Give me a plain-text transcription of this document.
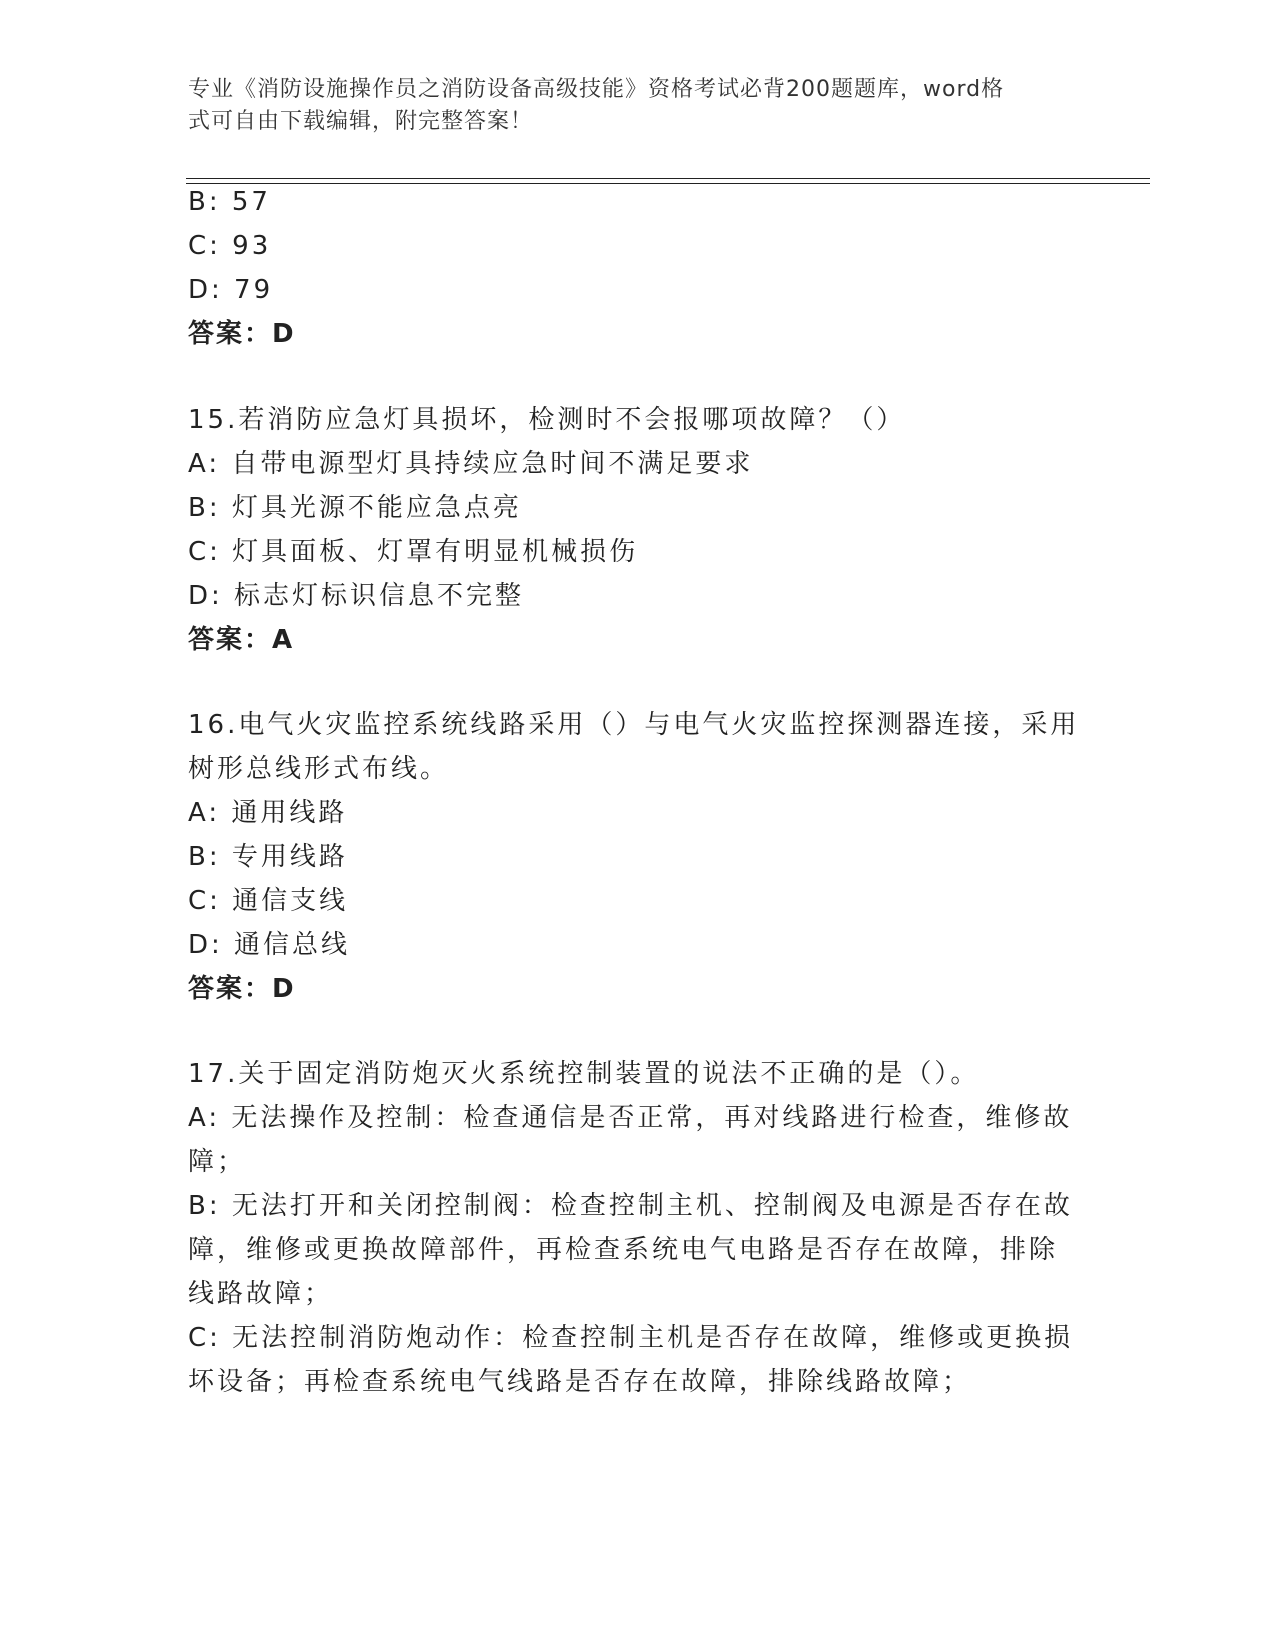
专业《消防设施操作员之消防设备高级技能》资格考试必背200题题库，word格
式可自由下载编辑，附完整答案！
B: 57
C: 93
D: 79
答案：D
15.若消防应急灯具损坏，检测时不会报哪项故障？（）
A: 自带电源型灯具持续应急时间不满足要求
B: 灯具光源不能应急点亮
C: 灯具面板、灯罩有明显机械损伤
D: 标志灯标识信息不完整
答案：A
16.电气火灾监控系统线路采用（）与电气火灾监控探测器连接，采用
树形总线形式布线。
A: 通用线路
B: 专用线路
C: 通信支线
D: 通信总线
答案：D
17.关于固定消防炮灭火系统控制装置的说法不正确的是（）。
A: 无法操作及控制：检查通信是否正常，再对线路进行检查，维修故
障；
B: 无法打开和关闭控制阀：检查控制主机、控制阀及电源是否存在故
障，维修或更换故障部件，再检查系统电气电路是否存在故障，排除
线路故障；
C: 无法控制消防炮动作：检查控制主机是否存在故障，维修或更换损
坏设备；再检查系统电气线路是否存在故障，排除线路故障；
